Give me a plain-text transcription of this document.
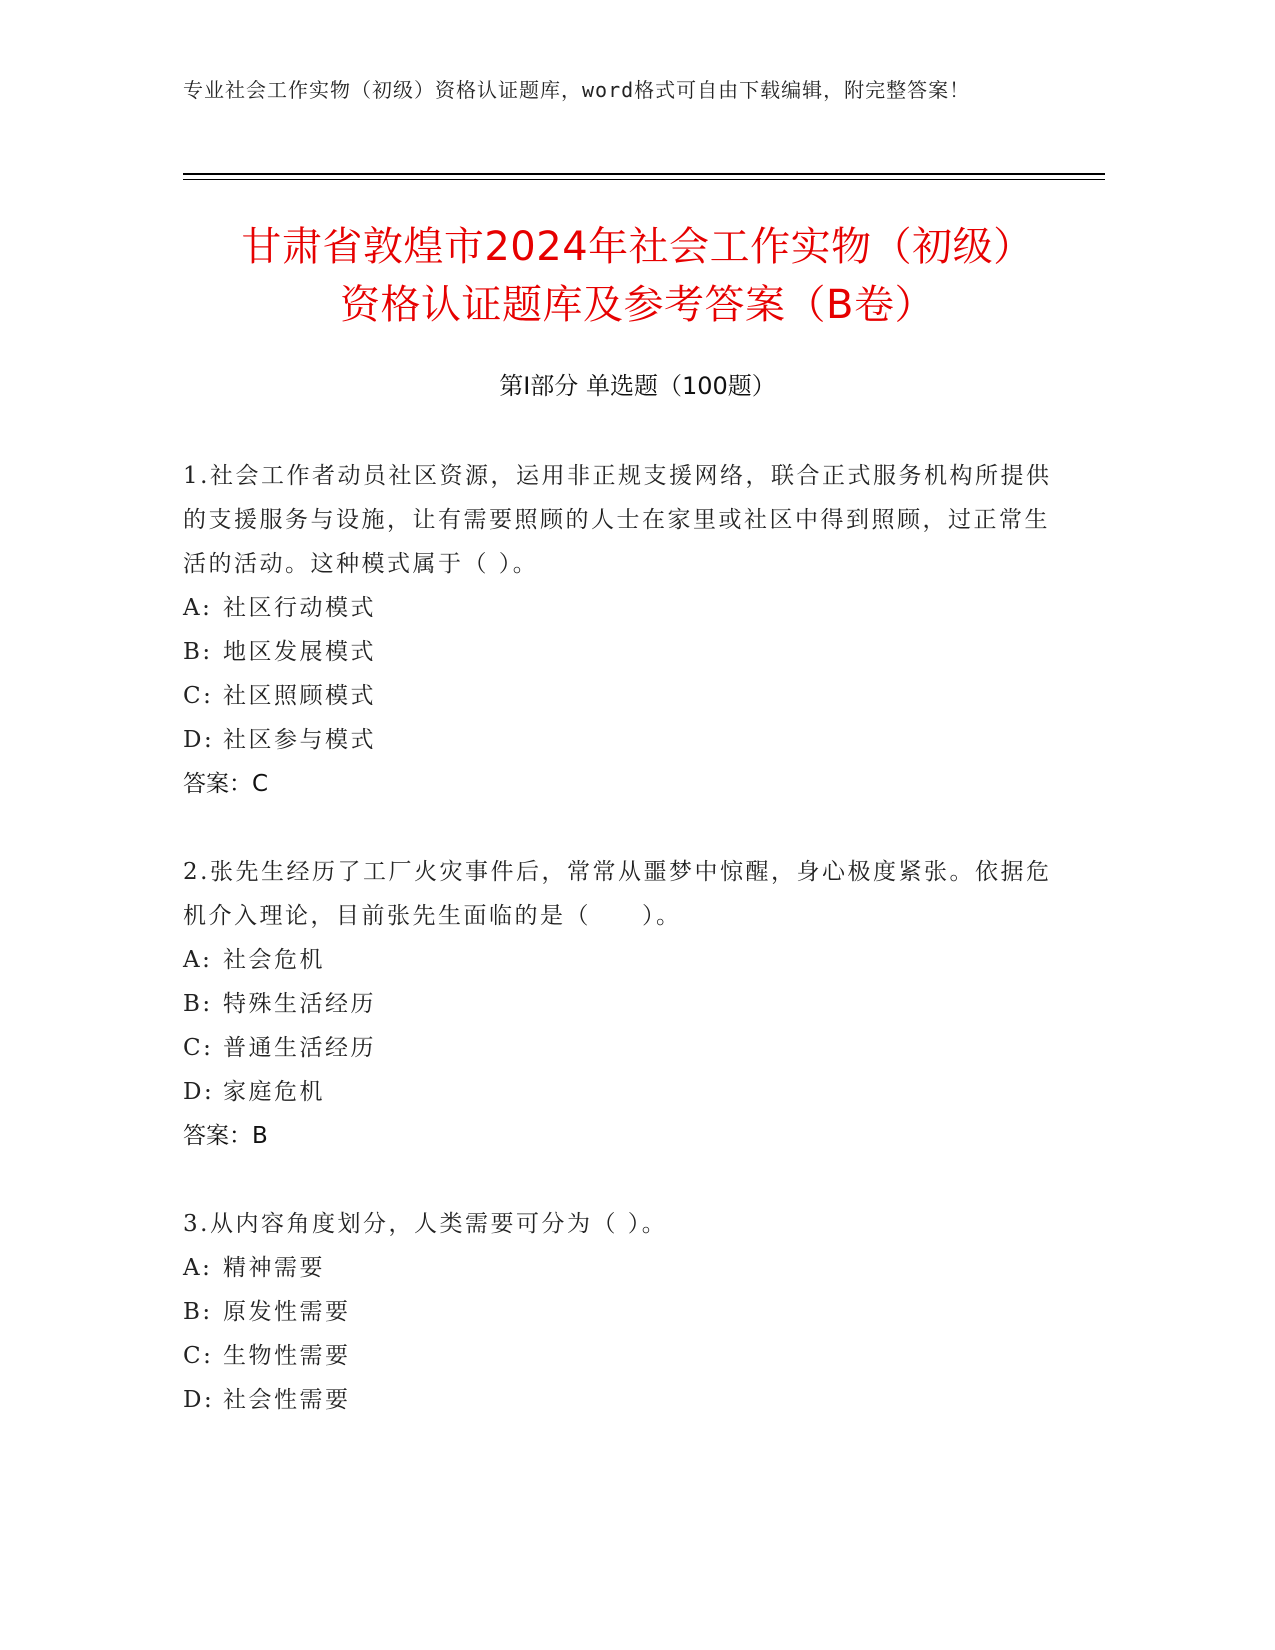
专业社会工作实物（初级）资格认证题库，word格式可自由下载编辑，附完整答案！
甘肃省敦煌市2024年社会工作实物（初级）
资格认证题库及参考答案（B卷）
第Ⅰ部分 单选题（100题）

1.社会工作者动员社区资源，运用非正规支援网络，联合正式服务机构所提供的支援服务与设施，让有需要照顾的人士在家里或社区中得到照顾，过正常生活的活动。这种模式属于（ ）。

A: 社区行动模式

B: 地区发展模式

C: 社区照顾模式

D: 社区参与模式

答案：C

2.张先生经历了工厂火灾事件后，常常从噩梦中惊醒，身心极度紧张。依据危机介入理论，目前张先生面临的是（　　）。

A: 社会危机

B: 特殊生活经历

C: 普通生活经历

D: 家庭危机

答案：B

3.从内容角度划分，人类需要可分为（ ）。

A: 精神需要

B: 原发性需要

C: 生物性需要

D: 社会性需要
